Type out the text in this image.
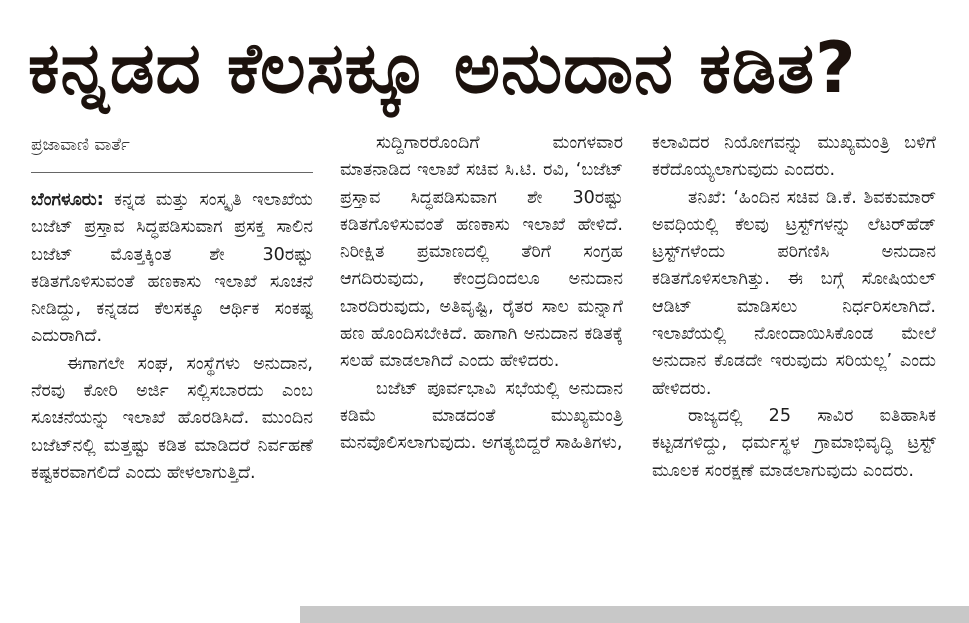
ಕನ್ನಡದ ಕೆಲಸಕ್ಕೂ ಅನುದಾನ ಕಡಿತ?
ಪ್ರಜಾವಾಣಿ ವಾರ್ತೆ

ಬೆಂಗಳೂರು: ಕನ್ನಡ ಮತ್ತು ಸಂಸ್ಕೃತಿ ಇಲಾಖೆಯ ಬಜೆಟ್ ಪ್ರಸ್ತಾವ ಸಿದ್ಧಪಡಿಸುವಾಗ ಪ್ರಸಕ್ತ ಸಾಲಿನ ಬಜೆಟ್ ಮೊತ್ತಕ್ಕಿಂತ ಶೇ 30ರಷ್ಟು ಕಡಿತಗೊಳಿಸುವಂತೆ ಹಣಕಾಸು ಇಲಾಖೆ ಸೂಚನೆ ನೀಡಿದ್ದು, ಕನ್ನಡದ ಕೆಲಸಕ್ಕೂ ಆರ್ಥಿಕ ಸಂಕಷ್ಟ ಎದುರಾಗಿದೆ.

ಈಗಾಗಲೇ ಸಂಘ, ಸಂಸ್ಥೆಗಳು ಅನುದಾನ, ನೆರವು ಕೋರಿ ಅರ್ಜಿ ಸಲ್ಲಿಸಬಾರದು ಎಂಬ ಸೂಚನೆಯನ್ನು ಇಲಾಖೆ ಹೊರಡಿಸಿದೆ. ಮುಂದಿನ ಬಜೆಟ್‌ನಲ್ಲಿ ಮತ್ತಷ್ಟು ಕಡಿತ ಮಾಡಿದರೆ ನಿರ್ವಹಣೆ ಕಷ್ಟಕರವಾಗಲಿದೆ ಎಂದು ಹೇಳಲಾಗುತ್ತಿದೆ.

ಸುದ್ದಿಗಾರರೊಂದಿಗೆ ಮಂಗಳವಾರ ಮಾತನಾಡಿದ ಇಲಾಖೆ ಸಚಿವ ಸಿ.ಟಿ. ರವಿ, ‘ಬಜೆಟ್ ಪ್ರಸ್ತಾವ ಸಿದ್ಧಪಡಿಸುವಾಗ ಶೇ 30ರಷ್ಟು ಕಡಿತಗೊಳಿಸುವಂತೆ ಹಣಕಾಸು ಇಲಾಖೆ ಹೇಳಿದೆ. ನಿರೀಕ್ಷಿತ ಪ್ರಮಾಣದಲ್ಲಿ ತೆರಿಗೆ ಸಂಗ್ರಹ ಆಗದಿರುವುದು, ಕೇಂದ್ರದಿಂದಲೂ ಅನುದಾನ ಬಾರದಿರುವುದು, ಅತಿವೃಷ್ಟಿ, ರೈತರ ಸಾಲ ಮನ್ನಾಗೆ ಹಣ ಹೊಂದಿಸಬೇಕಿದೆ. ಹಾಗಾಗಿ ಅನುದಾನ ಕಡಿತಕ್ಕೆ ಸಲಹೆ ಮಾಡಲಾಗಿದೆ ಎಂದು ಹೇಳಿದರು.

ಬಜೆಟ್ ಪೂರ್ವಭಾವಿ ಸಭೆಯಲ್ಲಿ ಅನುದಾನ ಕಡಿಮೆ ಮಾಡದಂತೆ ಮುಖ್ಯಮಂತ್ರಿ ಮನವೊಲಿಸಲಾಗುವುದು. ಅಗತ್ಯಬಿದ್ದರೆ ಸಾಹಿತಿಗಳು,

ಕಲಾವಿದರ ನಿಯೋಗವನ್ನು ಮುಖ್ಯಮಂತ್ರಿ ಬಳಿಗೆ ಕರೆದೊಯ್ಯಲಾಗುವುದು ಎಂದರು.

ತನಿಖೆ: ‘ಹಿಂದಿನ ಸಚಿವ ಡಿ.ಕೆ. ಶಿವಕುಮಾರ್ ಅವಧಿಯಲ್ಲಿ ಕೆಲವು ಟ್ರಸ್ಟ್‌ಗಳನ್ನು ಲೆಟರ್‌ಹೆಡ್ ಟ್ರಸ್ಟ್‌ಗಳೆಂದು ಪರಿಗಣಿಸಿ ಅನುದಾನ ಕಡಿತಗೊಳಿಸಲಾಗಿತ್ತು. ಈ ಬಗ್ಗೆ ಸೋಷಿಯಲ್ ಆಡಿಟ್ ಮಾಡಿಸಲು ನಿರ್ಧರಿಸಲಾಗಿದೆ. ಇಲಾಖೆಯಲ್ಲಿ ನೋಂದಾಯಿಸಿಕೊಂಡ ಮೇಲೆ ಅನುದಾನ ಕೊಡದೇ ಇರುವುದು ಸರಿಯಲ್ಲ’ ಎಂದು ಹೇಳಿದರು.

ರಾಜ್ಯದಲ್ಲಿ 25 ಸಾವಿರ ಐತಿಹಾಸಿಕ ಕಟ್ಟಡಗಳಿದ್ದು, ಧರ್ಮಸ್ಥಳ ಗ್ರಾಮಾಭಿವೃದ್ಧಿ ಟ್ರಸ್ಟ್ ಮೂಲಕ ಸಂರಕ್ಷಣೆ ಮಾಡಲಾಗುವುದು ಎಂದರು.
